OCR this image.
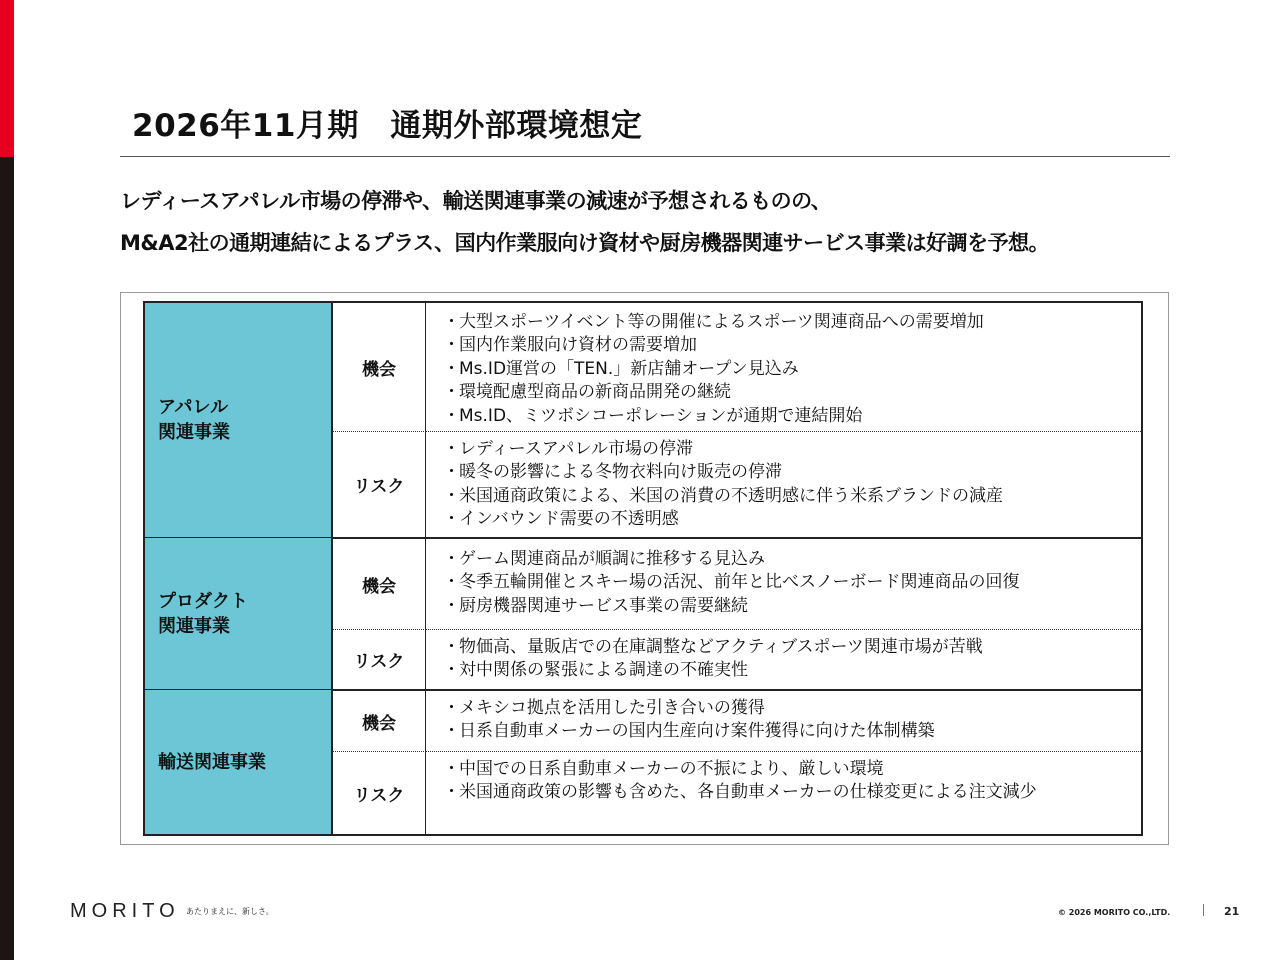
2026年11月期　通期外部環境想定
レディースアパレル市場の停滞や、輸送関連事業の減速が予想されるものの、
M&A2社の通期連結によるプラス、国内作業服向け資材や厨房機器関連サービス事業は好調を予想。
アパレル
関連事業
機会
・ 大型スポーツイベント等の開催によるスポーツ関連商品への需要増加
・ 国内作業服向け資材の需要増加
・ Ms.ID運営の「TEN.」新店舗オープン見込み
・ 環境配慮型商品の新商品開発の継続
・ Ms.ID、ミツボシコーポレーションが通期で連結開始
リスク
・ レディースアパレル市場の停滞
・ 暖冬の影響による冬物衣料向け販売の停滞
・ 米国通商政策による、米国の消費の不透明感に伴う米系ブランドの減産
・ インバウンド需要の不透明感
プロダクト
関連事業
機会
・ ゲーム関連商品が順調に推移する見込み
・ 冬季五輪開催とスキー場の活況、前年と比べスノーボード関連商品の回復
・ 厨房機器関連サービス事業の需要継続
リスク
・ 物価高、量販店での在庫調整などアクティブスポーツ関連市場が苦戦
・ 対中関係の緊張による調達の不確実性
輸送関連事業
機会
・ メキシコ拠点を活用した引き合いの獲得
・ 日系自動車メーカーの国内生産向け案件獲得に向けた体制構築
リスク
・ 中国での日系自動車メーカーの不振により、厳しい環境
・ 米国通商政策の影響も含めた、各自動車メーカーの仕様変更による注文減少
MORITO あたりまえに、新しさ。	© 2026 MORITO CO.,LTD.	21
